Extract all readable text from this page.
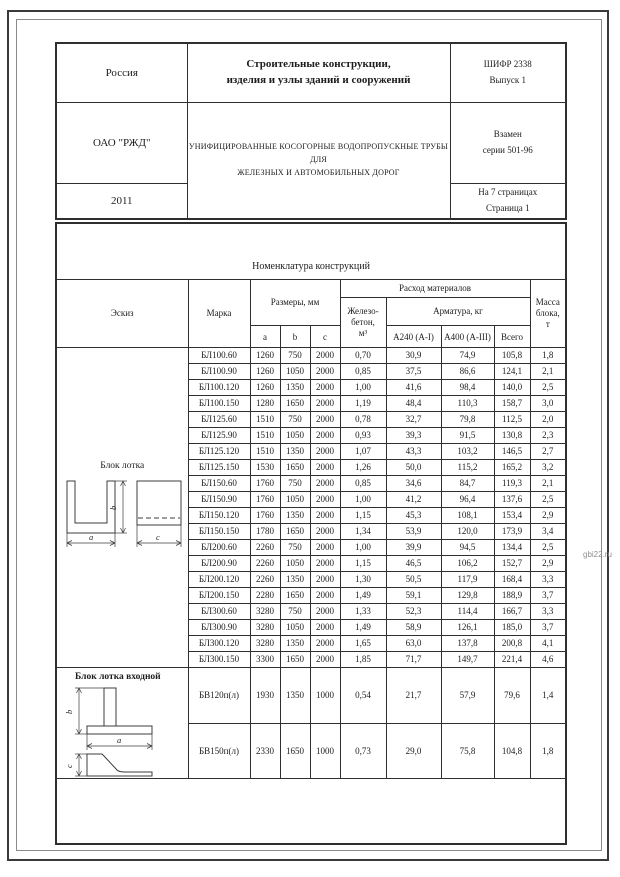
Россия	
Строительные конструкции,
изделия и узлы зданий и сооружений

ШИФР 2338
Выпуск 1

ОАО "РЖД"	УНИФИЦИРОВАННЫЕ КОСОГОРНЫЕ ВОДОПРОПУСКНЫЕ ТРУБЫ ДЛЯ
ЖЕЛЕЗНЫХ И АВТОМОБИЛЬНЫХ ДОРОГ

Взамен
серии 501-96

2011		На 7 страницах
Страница 1
Номенклатура конструкций									
Эскиз	Марка	Размеры, мм			Расход материалов				Масса
блока,
т

					Железо-
бетон,
м³	Арматура, кг			
		a	b	c		А240 (А-I)	А400 (А-III)	Всего	

Блок лотка
b
a c	БЛ100.60	1260	750	2000	0,70	30,9	74,9	105,8	1,8
	БЛ100.90	1260	1050	2000	0,85	37,5	86,6	124,1	2,1
	БЛ100.120	1260	1350	2000	1,00	41,6	98,4	140,0	2,5
	БЛ100.150	1280	1650	2000	1,19	48,4	110,3	158,7	3,0
	БЛ125.60	1510	750	2000	0,78	32,7	79,8	112,5	2,0
	БЛ125.90	1510	1050	2000	0,93	39,3	91,5	130,8	2,3
	БЛ125.120	1510	1350	2000	1,07	43,3	103,2	146,5	2,7
	БЛ125.150	1530	1650	2000	1,26	50,0	115,2	165,2	3,2
	БЛ150.60	1760	750	2000	0,85	34,6	84,7	119,3	2,1
	БЛ150.90	1760	1050	2000	1,00	41,2	96,4	137,6	2,5
	БЛ150.120	1760	1350	2000	1,15	45,3	108,1	153,4	2,9
	БЛ150.150	1780	1650	2000	1,34	53,9	120,0	173,9	3,4
	БЛ200.60	2260	750	2000	1,00	39,9	94,5	134,4	2,5
	БЛ200.90	2260	1050	2000	1,15	46,5	106,2	152,7	2,9
	БЛ200.120	2260	1350	2000	1,30	50,5	117,9	168,4	3,3
	БЛ200.150	2280	1650	2000	1,49	59,1	129,8	188,9	3,7
	БЛ300.60	3280	750	2000	1,33	52,3	114,4	166,7	3,3
	БЛ300.90	3280	1050	2000	1,49	58,9	126,1	185,0	3,7
	БЛ300.120	3280	1350	2000	1,65	63,0	137,8	200,8	4,1
	БЛ300.150	3300	1650	2000	1,85	71,7	149,7	221,4	4,6

Блок лотка входной
b
a
c	БВ120п(л)	1930	1350	1000	0,54	21,7	57,9	79,6	1,4
	БВ150п(л)	2330	1650	1000	0,73	29,0	75,8	104,8	1,8

gbi22.ru
